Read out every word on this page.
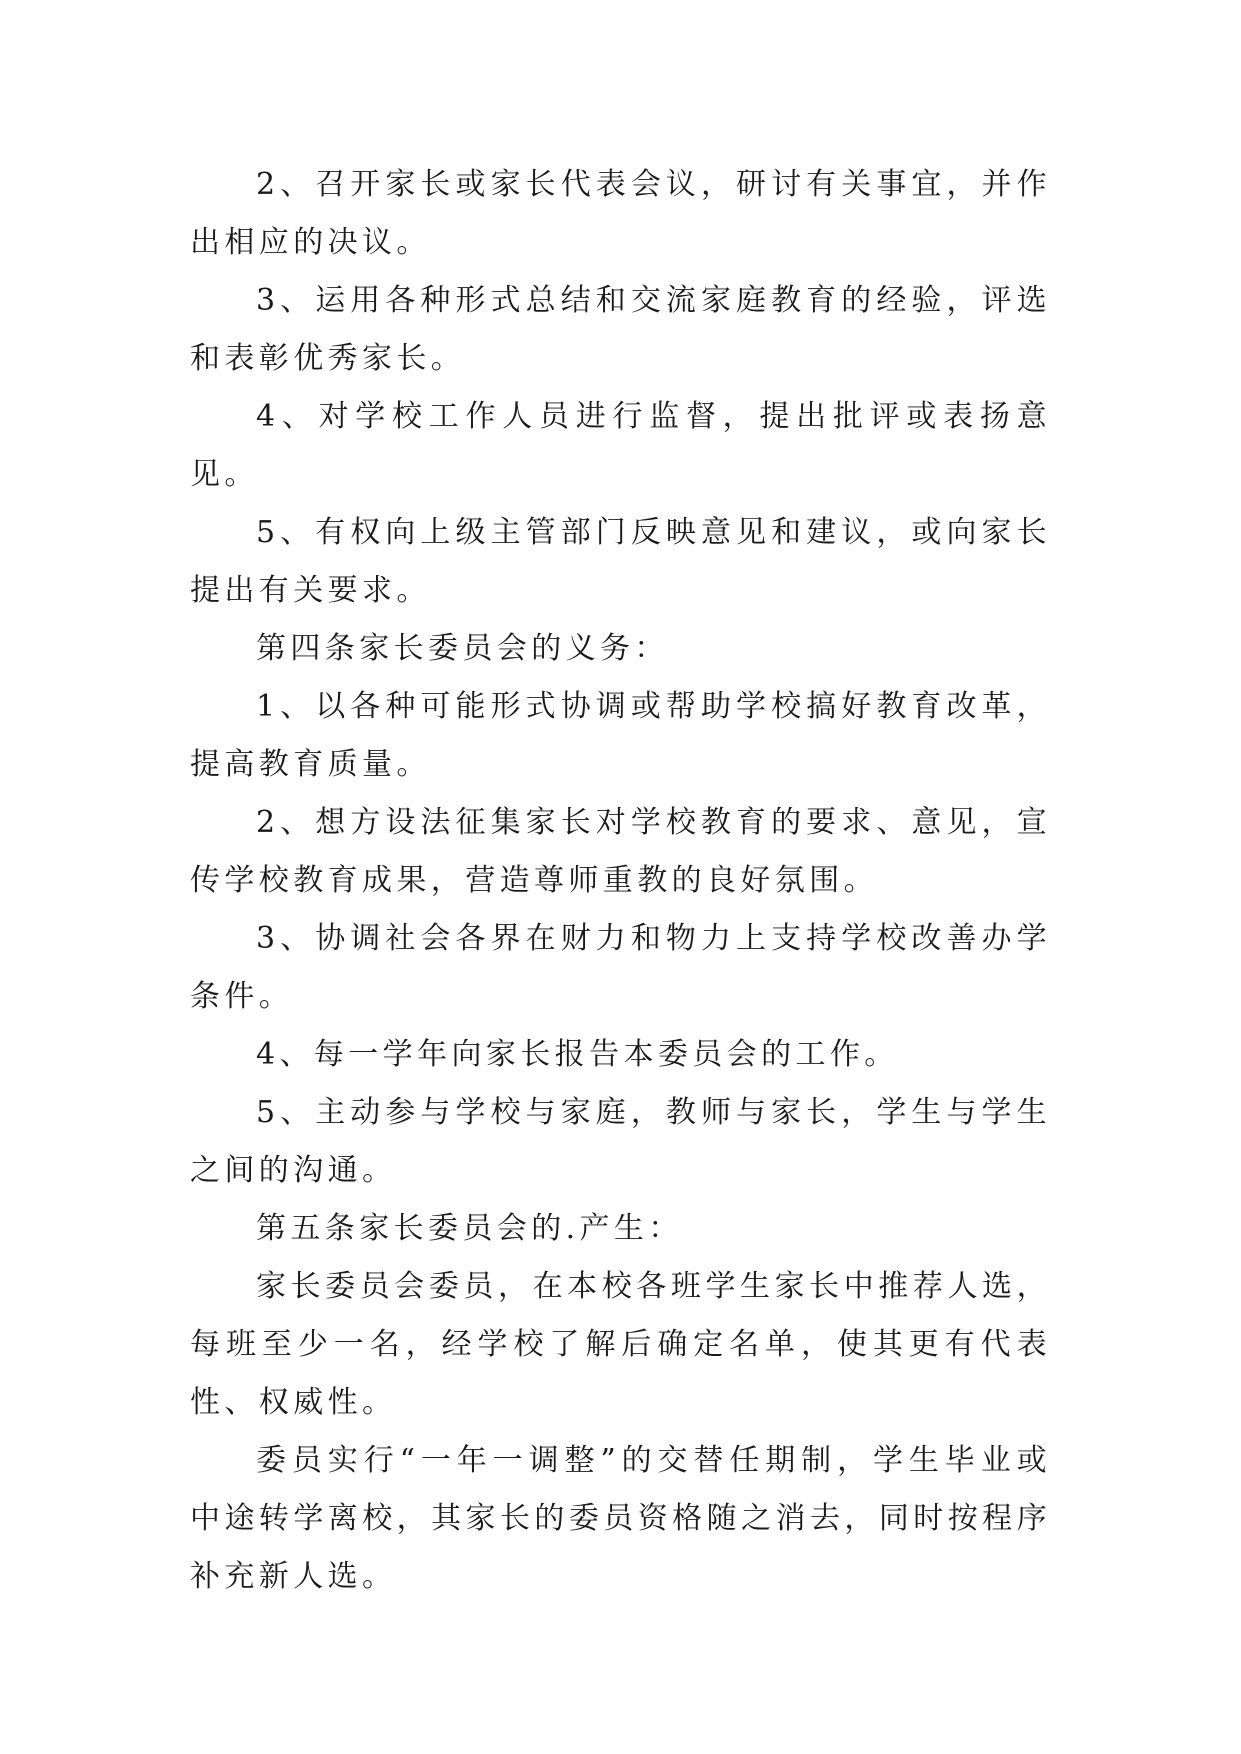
2、召开家长或家长代表会议，研讨有关事宜，并作出相应的决议。

3、运用各种形式总结和交流家庭教育的经验，评选和表彰优秀家长。

4、对学校工作人员进行监督，提出批评或表扬意见。

5、有权向上级主管部门反映意见和建议，或向家长提出有关要求。

第四条家长委员会的义务：

1、以各种可能形式协调或帮助学校搞好教育改革，提高教育质量。

2、想方设法征集家长对学校教育的要求、意见，宣传学校教育成果，营造尊师重教的良好氛围。

3、协调社会各界在财力和物力上支持学校改善办学条件。

4、每一学年向家长报告本委员会的工作。

5、主动参与学校与家庭，教师与家长，学生与学生之间的沟通。

第五条家长委员会的.产生：

家长委员会委员，在本校各班学生家长中推荐人选，每班至少一名，经学校了解后确定名单，使其更有代表性、权威性。

委员实行“一年一调整”的交替任期制，学生毕业或中途转学离校，其家长的委员资格随之消去，同时按程序补充新人选。
